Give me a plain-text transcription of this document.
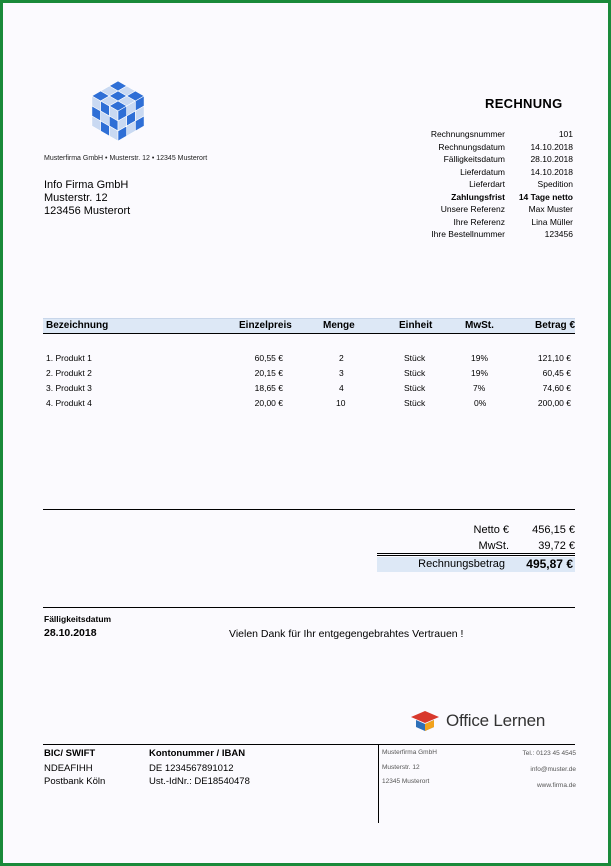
Musterfirma GmbH • Musterstr. 12 • 12345 Musterort
Info Firma GmbH
Musterstr. 12
123456 Musterort
RECHNUNG
Rechnungsnummer	101
Rechnungsdatum	14.10.2018
Fälligkeitsdatum	28.10.2018
Lieferdatum	14.10.2018
Lieferdart	Spedition
Zahlungsfrist	14 Tage netto
Unsere Referenz	Max Muster
Ihre Referenz	Lina Müller
Ihre Bestellnummer	123456
Bezeichnung	Einzelpreis	Menge	Einheit	MwSt.	Betrag €
1. Produkt 1	60,55 €	2	Stück	19%	121,10 €
2. Produkt 2	20,15 €	3	Stück	19%	60,45 €
3. Produkt 3	18,65 €	4	Stück	7%	74,60 €
4. Produkt 4	20,00 €	10	Stück	0%	200,00 €
Netto €	456,15 €
MwSt.	39,72 €
Rechnungsbetrag 495,87 €
Fälligkeitsdatum
28.10.2018	Vielen Dank für Ihr entgegengebrahtes Vertrauen !
Office Lernen
BIC/ SWIFT
NDEAFIHH
Postbank Köln
Kontonummer / IBAN
DE 1234567891012
Ust.-IdNr.: DE18540478
Musterfirma GmbH
Musterstr. 12
12345 Musterort
Tel.: 0123 45 4545
info@muster.de
www.firma.de
